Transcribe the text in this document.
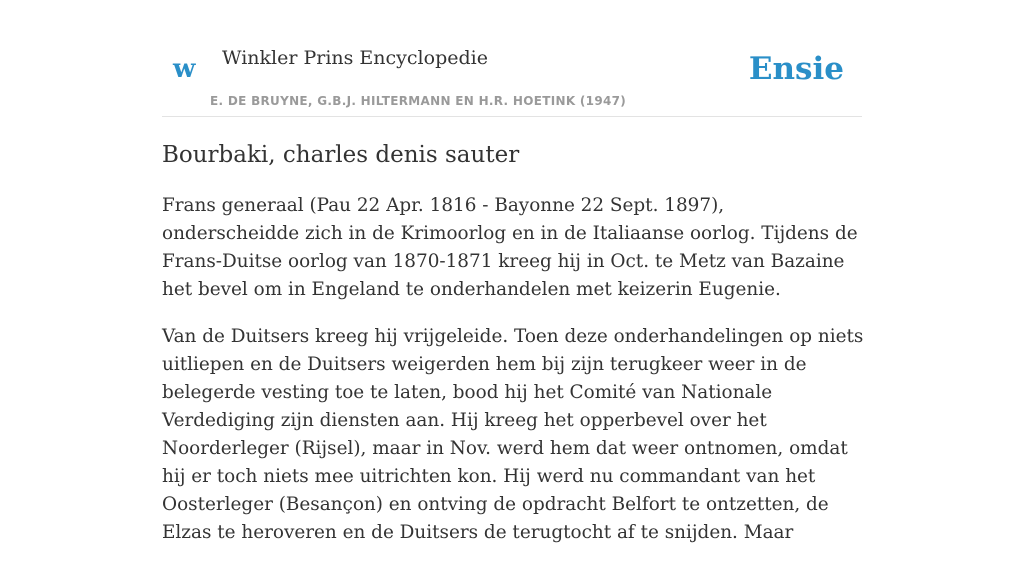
w Winkler Prins Encyclopedie
E. DE BRUYNE, G.B.J. HILTERMANN EN H.R. HOETINK (1947)
Ensie
Bourbaki, charles denis sauter

Frans generaal (Pau 22 Apr. 1816 - Bayonne 22 Sept. 1897), onderscheidde zich in de Krimoorlog en in de Italiaanse oorlog. Tijdens de Frans-Duitse oorlog van 1870-1871 kreeg hij in Oct. te Metz van Bazaine het bevel om in Engeland te onderhandelen met keizerin Eugenie.

Van de Duitsers kreeg hij vrijgeleide. Toen deze onderhandelingen op niets uitliepen en de Duitsers weigerden hem bij zijn terugkeer weer in de belegerde vesting toe te laten, bood hij het Comité van Nationale Verdediging zijn diensten aan. Hij kreeg het opperbevel over het Noorderleger (Rijsel), maar in Nov. werd hem dat weer ontnomen, omdat hij er toch niets mee uitrichten kon. Hij werd nu commandant van het Oosterleger (Besançon) en ontving de opdracht Belfort te ontzetten, de Elzas te heroveren en de Duitsers de terugtocht af te snijden. Maar
